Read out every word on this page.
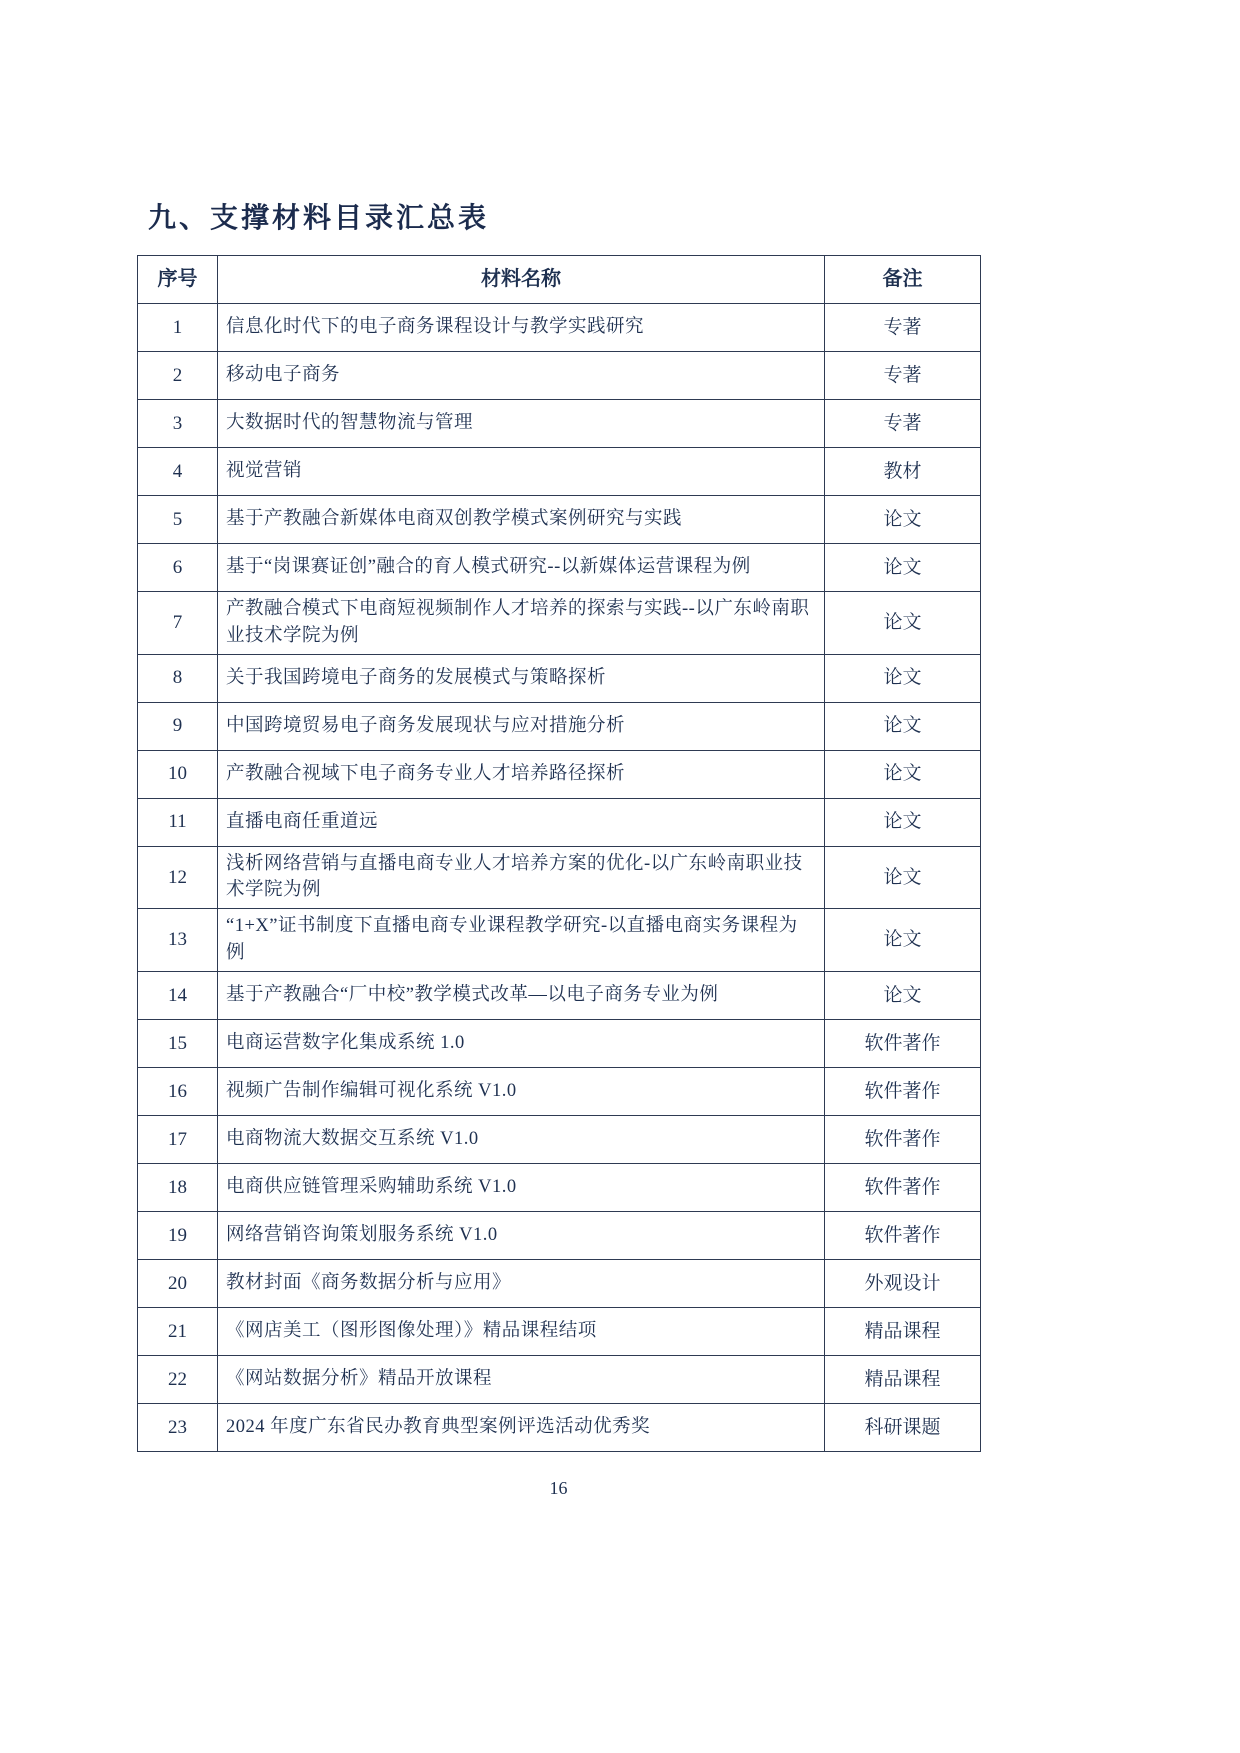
九、支撑材料目录汇总表
序号	材料名称	备注
1	信息化时代下的电子商务课程设计与教学实践研究	专著
2	移动电子商务	专著
3	大数据时代的智慧物流与管理	专著
4	视觉营销	教材
5	基于产教融合新媒体电商双创教学模式案例研究与实践	论文
6	基于“岗课赛证创”融合的育人模式研究--以新媒体运营课程为例	论文
7	产教融合模式下电商短视频制作人才培养的探索与实践--以广东岭南职业技术学院为例	论文
8	关于我国跨境电子商务的发展模式与策略探析	论文
9	中国跨境贸易电子商务发展现状与应对措施分析	论文
10	产教融合视域下电子商务专业人才培养路径探析	论文
11	直播电商任重道远	论文
12	浅析网络营销与直播电商专业人才培养方案的优化-以广东岭南职业技术学院为例	论文
13	“1+X”证书制度下直播电商专业课程教学研究-以直播电商实务课程为例	论文
14	基于产教融合“厂中校”教学模式改革—以电子商务专业为例	论文
15	电商运营数字化集成系统 1.0	软件著作
16	视频广告制作编辑可视化系统 V1.0	软件著作
17	电商物流大数据交互系统 V1.0	软件著作
18	电商供应链管理采购辅助系统 V1.0	软件著作
19	网络营销咨询策划服务系统 V1.0	软件著作
20	教材封面《商务数据分析与应用》	外观设计
21	《网店美工（图形图像处理）》精品课程结项	精品课程
22	《网站数据分析》精品开放课程	精品课程
23	2024 年度广东省民办教育典型案例评选活动优秀奖	科研课题
16
